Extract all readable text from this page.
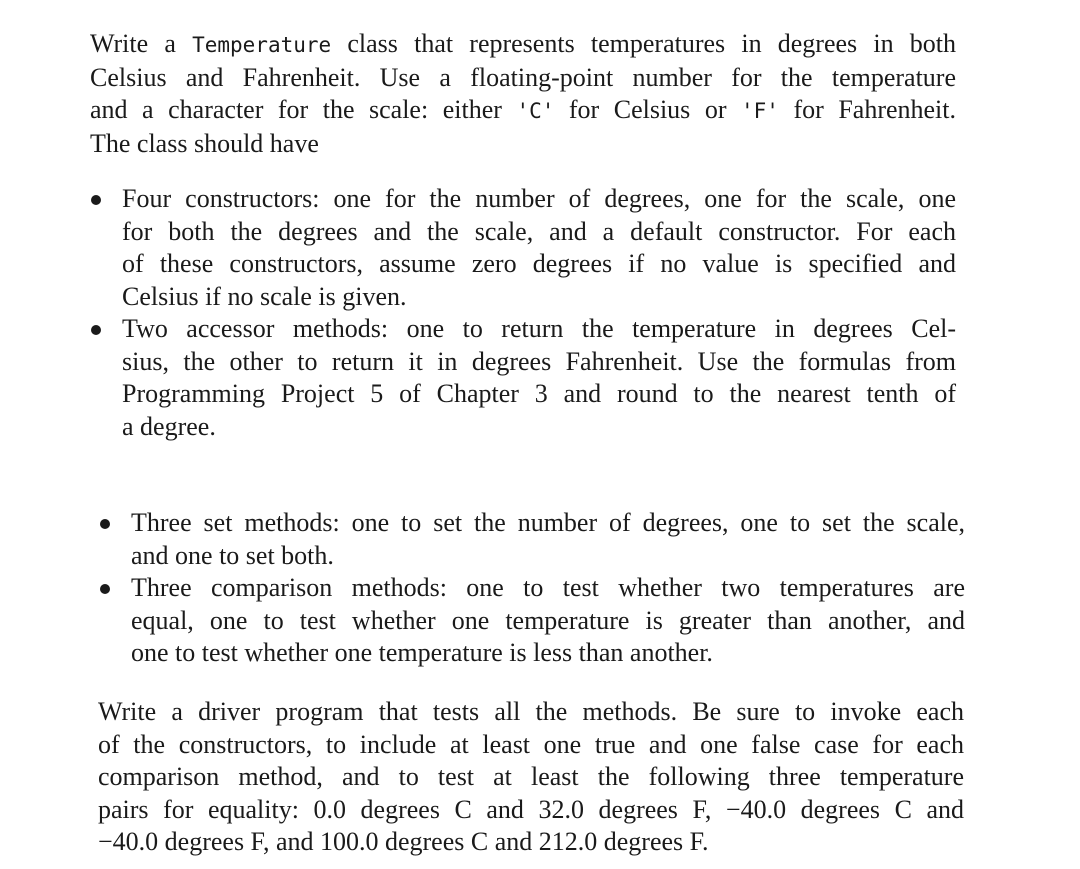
Write a Temperature class that represents temperatures in degrees in both
Celsius and Fahrenheit. Use a floating-point number for the temperature
and a character for the scale: either 'C' for Celsius or 'F' for Fahrenheit.
The class should have
Four constructors: one for the number of degrees, one for the scale, one
for both the degrees and the scale, and a default constructor. For each
of these constructors, assume zero degrees if no value is specified and
Celsius if no scale is given.
Two accessor methods: one to return the temperature in degrees Cel-
sius, the other to return it in degrees Fahrenheit. Use the formulas from
Programming Project 5 of Chapter 3 and round to the nearest tenth of
a degree.
Three set methods: one to set the number of degrees, one to set the scale,
and one to set both.
Three comparison methods: one to test whether two temperatures are
equal, one to test whether one temperature is greater than another, and
one to test whether one temperature is less than another.
Write a driver program that tests all the methods. Be sure to invoke each
of the constructors, to include at least one true and one false case for each
comparison method, and to test at least the following three temperature
pairs for equality: 0.0 degrees C and 32.0 degrees F, −40.0 degrees C and
−40.0 degrees F, and 100.0 degrees C and 212.0 degrees F.
